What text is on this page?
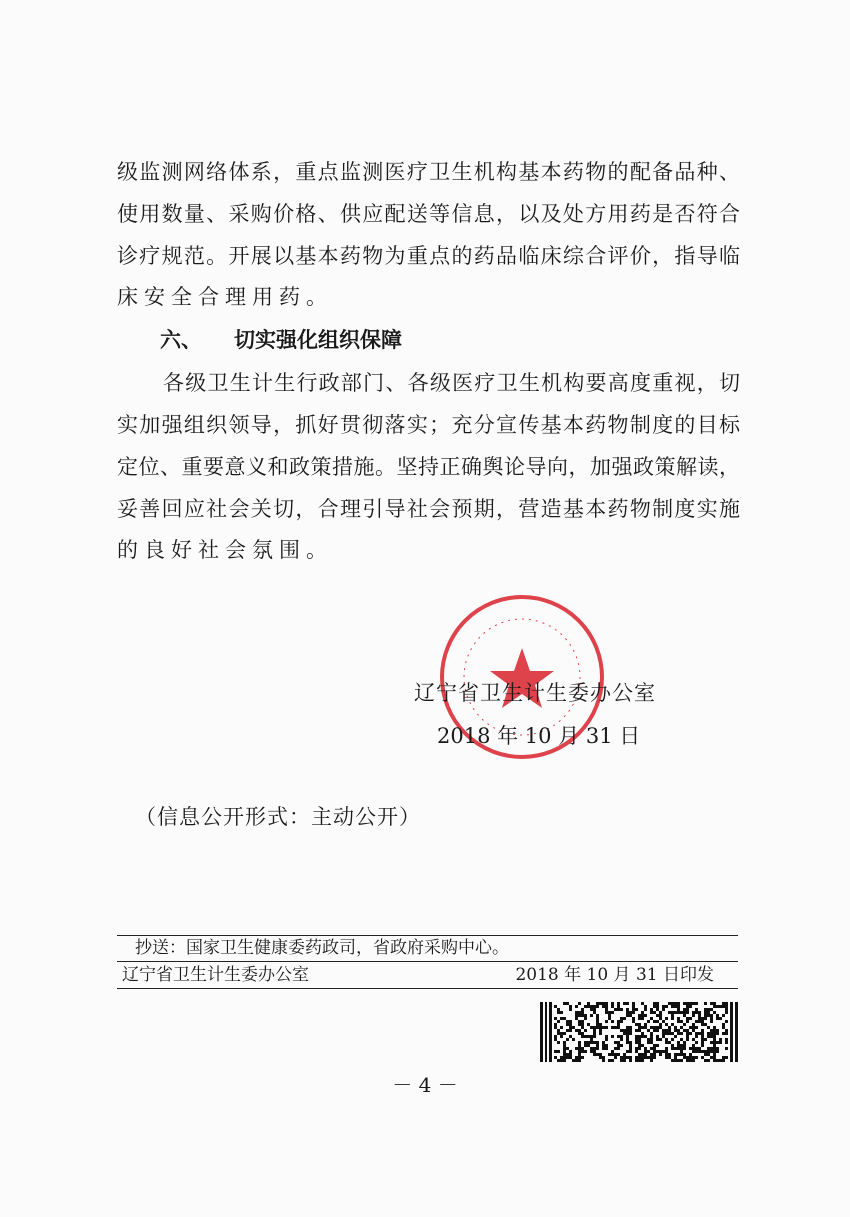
级监测网络体系，重点监测医疗卫生机构基本药物的配备品种、
使用数量、采购价格、供应配送等信息，以及处方用药是否符合
诊疗规范。开展以基本药物为重点的药品临床综合评价，指导临
床安全合理用药。
六、 切实强化组织保障
各级卫生计生行政部门、各级医疗卫生机构要高度重视，切
实加强组织领导，抓好贯彻落实；充分宣传基本药物制度的目标
定位、重要意义和政策措施。坚持正确舆论导向，加强政策解读，
妥善回应社会关切，合理引导社会预期，营造基本药物制度实施
的良好社会氛围。
辽宁省卫生计生委办公室
2018 年 10 月 31 日
（信息公开形式：主动公开）
抄送：国家卫生健康委药政司，省政府采购中心。
辽宁省卫生计生委办公室	2018 年 10 月 31 日印发
－ 4 －
